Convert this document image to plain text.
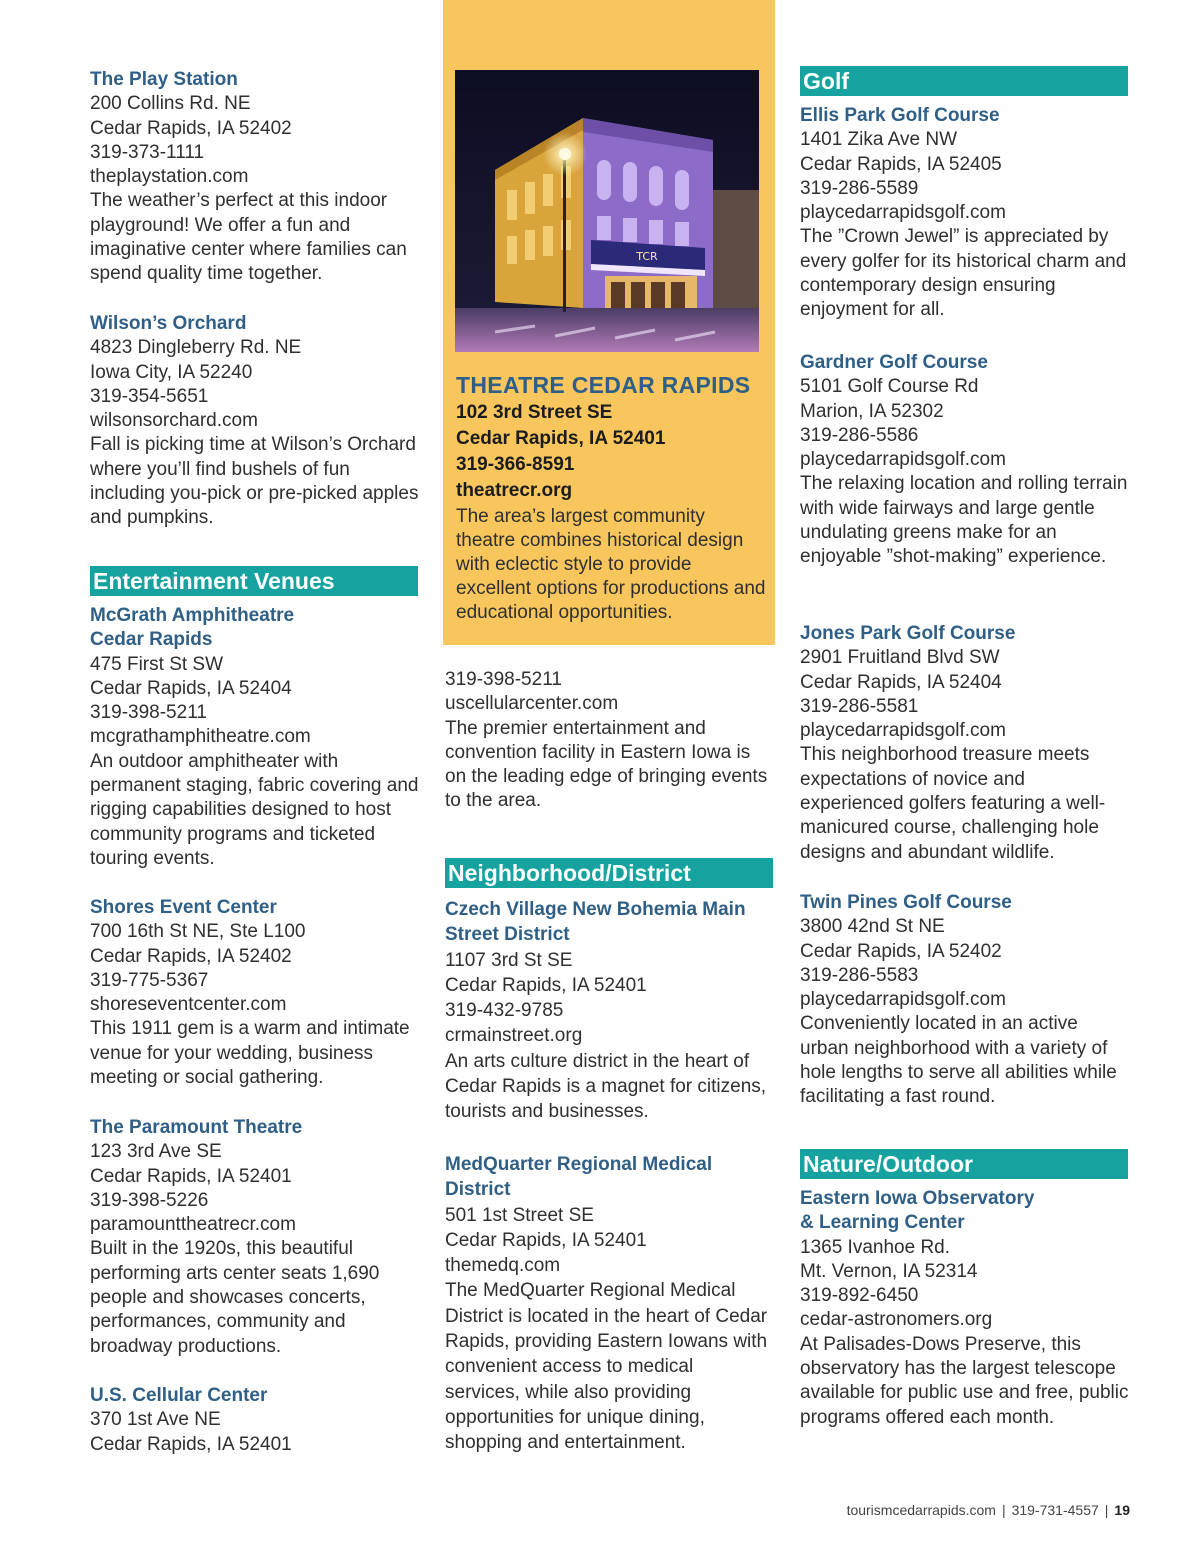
The Play Station
200 Collins Rd. NE
Cedar Rapids, IA 52402
319-373-1111
theplaystation.com
The weather’s perfect at this indoor playground! We offer a fun and imaginative center where families can spend quality time together.
Wilson’s Orchard
4823 Dingleberry Rd. NE
Iowa City, IA 52240
319-354-5651
wilsonsorchard.com
Fall is picking time at Wilson’s Orchard where you’ll find bushels of fun including you-pick or pre-picked apples and pumpkins.
Entertainment Venues
McGrath Amphitheatre
Cedar Rapids
475 First St SW
Cedar Rapids, IA 52404
319-398-5211
mcgrathamphitheatre.com
An outdoor amphitheater with permanent staging, fabric covering and rigging capabilities designed to host community programs and ticketed touring events.
Shores Event Center
700 16th St NE, Ste L100
Cedar Rapids, IA 52402
319-775-5367
shoreseventcenter.com
This 1911 gem is a warm and intimate venue for your wedding, business meeting or social gathering.
The Paramount Theatre
123 3rd Ave SE
Cedar Rapids, IA 52401
319-398-5226
paramounttheatrecr.com
Built in the 1920s, this beautiful performing arts center seats 1,690 people and showcases concerts, performances, community and broadway productions.
U.S. Cellular Center
370 1st Ave NE
Cedar Rapids, IA 52401
TCR
THEATRE CEDAR RAPIDS
102 3rd Street SE
Cedar Rapids, IA 52401
319-366-8591
theatrecr.org
The area’s largest community theatre combines historical design with eclectic style to provide excellent options for productions and educational opportunities.
319-398-5211
uscellularcenter.com
The premier entertainment and convention facility in Eastern Iowa is on the leading edge of bringing events to the area.
Neighborhood/District
Czech Village New Bohemia Main
Street District
1107 3rd St SE
Cedar Rapids, IA 52401
319-432-9785
crmainstreet.org
An arts culture district in the heart of Cedar Rapids is a magnet for citizens, tourists and businesses.
MedQuarter Regional Medical
District
501 1st Street SE
Cedar Rapids, IA 52401
themedq.com
The MedQuarter Regional Medical District is located in the heart of Cedar Rapids, providing Eastern Iowans with convenient access to medical services, while also providing opportunities for unique dining, shopping and entertainment.
Golf
Ellis Park Golf Course
1401 Zika Ave NW
Cedar Rapids, IA 52405
319-286-5589
playcedarrapidsgolf.com
The ”Crown Jewel” is appreciated by every golfer for its historical charm and contemporary design ensuring enjoyment for all.
Gardner Golf Course
5101 Golf Course Rd
Marion, IA 52302
319-286-5586
playcedarrapidsgolf.com
The relaxing location and rolling terrain with wide fairways and large gentle undulating greens make for an enjoyable ”shot-making” experience.
Jones Park Golf Course
2901 Fruitland Blvd SW
Cedar Rapids, IA 52404
319-286-5581
playcedarrapidsgolf.com
This neighborhood treasure meets expectations of novice and experienced golfers featuring a well-manicured course, challenging hole designs and abundant wildlife.
Twin Pines Golf Course
3800 42nd St NE
Cedar Rapids, IA 52402
319-286-5583
playcedarrapidsgolf.com
Conveniently located in an active urban neighborhood with a variety of hole lengths to serve all abilities while facilitating a fast round.
Nature/Outdoor
Eastern Iowa Observatory
& Learning Center
1365 Ivanhoe Rd.
Mt. Vernon, IA 52314
319-892-6450
cedar-astronomers.org
At Palisades-Dows Preserve, this observatory has the largest telescope available for public use and free, public programs offered each month.
tourismcedarrapids.com | 319-731-4557 | 19
